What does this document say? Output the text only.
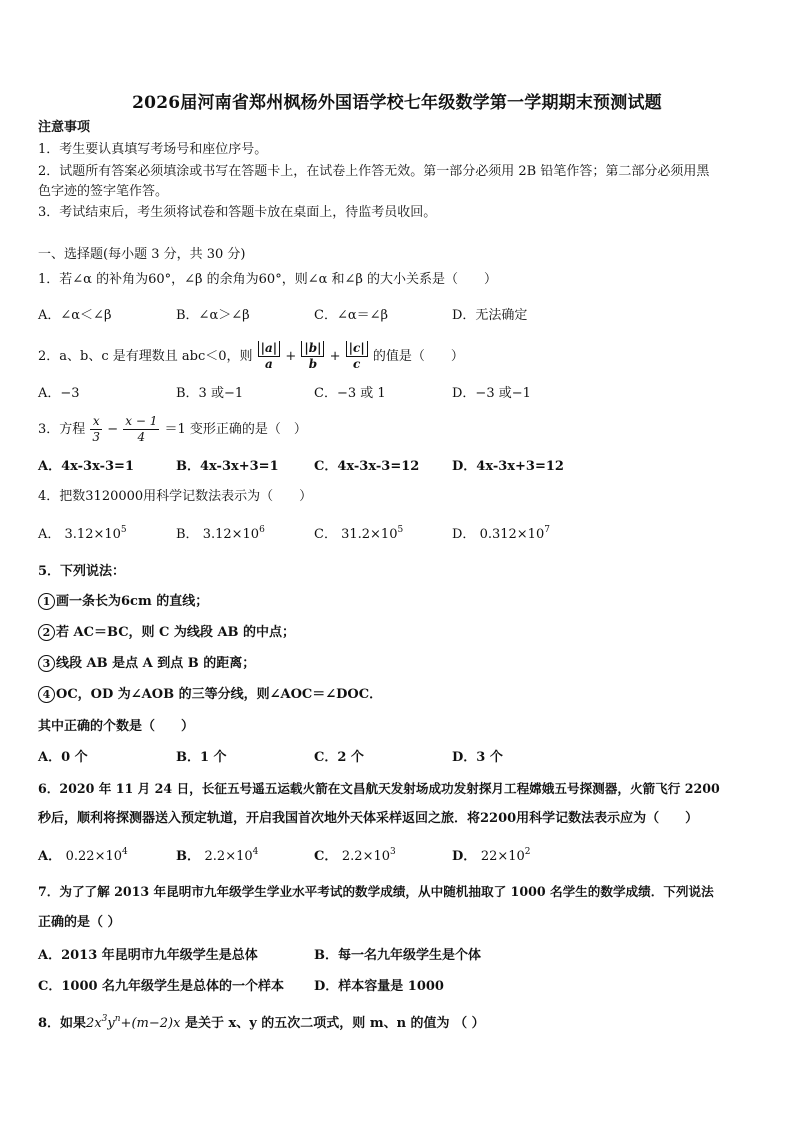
2026届河南省郑州枫杨外国语学校七年级数学第一学期期末预测试题
注意事项
1．考生要认真填写考场号和座位序号。
2．试题所有答案必须填涂或书写在答题卡上，在试卷上作答无效。第一部分必须用 2B 铅笔作答；第二部分必须用黑
色字迹的签字笔作答。
3．考试结束后，考生须将试卷和答题卡放在桌面上，待监考员收回。
一、选择题(每小题 3 分，共 30 分)
1．若∠α 的补角为60°，∠β 的余角为60°，则∠α 和∠β 的大小关系是（　　）
A．∠α＜∠β	B．∠α＞∠β	C．∠α＝∠β	D．无法确定
2．a、b、c 是有理数且 abc＜0，则 $\frac{|a|}{a} + \frac{|b|}{b} + \frac{|c|}{c}$ 的值是（　　）
A．−3	B．3 或−1	C．−3 或 1	D．−3 或−1
3．方程 $\frac{x}{3} - \frac{x - 1}{4} =1$ 变形正确的是（　）
A．4x-3x-3=1	B．4x-3x+3=1	C．4x-3x-3=12	D．4x-3x+3=12
4．把数3120000用科学记数法表示为（　　）
A． $3.12\times 10^5$	B． $3.12\times 10^6$	C． $31.2\times 10^5$	D． $0.312\times 10^7$
5．下列说法：
1 画一条长为6cm 的直线；
2 若 AC＝BC，则 C 为线段 AB 的中点；
3 线段 AB 是点 A 到点 B 的距离；
4 OC，OD 为∠AOB 的三等分线，则∠AOC＝∠DOC．
其中正确的个数是（　　）
A．0 个	B．1 个	C．2 个	D．3 个
6．2020 年 11 月 24 日，长征五号遥五运载火箭在文昌航天发射场成功发射探月工程嫦娥五号探测器，火箭飞行 2200
秒后，顺利将探测器送入预定轨道，开启我国首次地外天体采样返回之旅．将2200用科学记数法表示应为（　　）
A． $0.22\times 10^4$	B． $2.2\times 10^4$	C． $2.2\times 10^3$	D． $22\times 10^2$
7．为了了解 2013 年昆明市九年级学生学业水平考试的数学成绩，从中随机抽取了 1000 名学生的数学成绩．下列说法
正确的是（ ）
A．2013 年昆明市九年级学生是总体	B．每一名九年级学生是个体
C．1000 名九年级学生是总体的一个样本 D．样本容量是 1000
8．如果$2x^3y^n+(m-2)x$ 是关于 x、y 的五次二项式，则 m、n 的值为 （ ）
